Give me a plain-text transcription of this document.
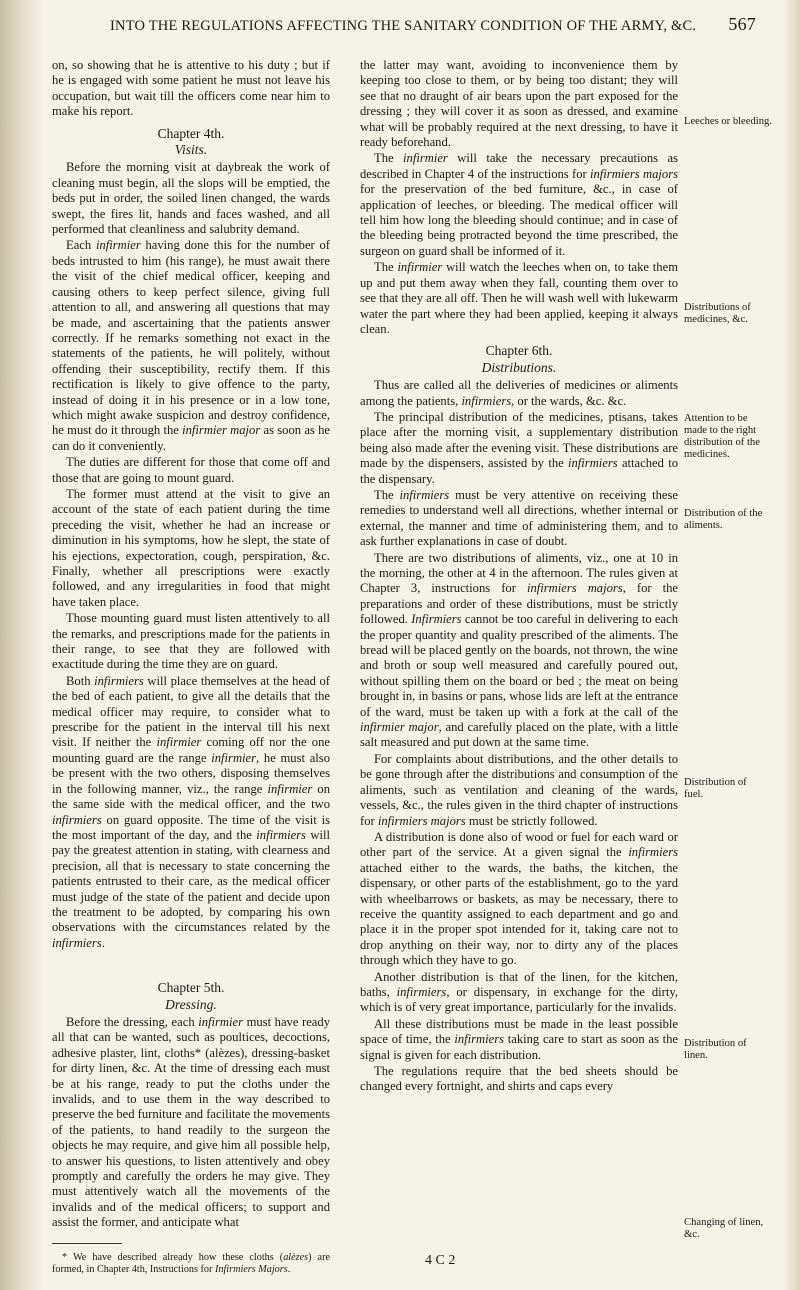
INTO THE REGULATIONS AFFECTING THE SANITARY CONDITION OF THE ARMY, &C. 567

on, so showing that he is attentive to his duty ; but if he is engaged with some patient he must not leave his occupation, but wait till the officers come near him to make his report.

Chapter 4th.
Visits.

Before the morning visit at daybreak the work of cleaning must begin, all the slops will be emptied, the beds put in order, the soiled linen changed, the wards swept, the fires lit, hands and faces washed, and all performed that cleanliness and salubrity demand.

Each infirmier having done this for the number of beds intrusted to him (his range), he must await there the visit of the chief medical officer, keeping and causing others to keep perfect silence, giving full attention to all, and answering all questions that may be made, and ascertaining that the patients answer correctly. If he remarks something not exact in the statements of the patients, he will politely, without offending their susceptibility, rectify them. If this rectification is likely to give offence to the party, instead of doing it in his presence or in a low tone, which might awake suspicion and destroy confidence, he must do it through the infirmier major as soon as he can do it conveniently.

The duties are different for those that come off and those that are going to mount guard.

The former must attend at the visit to give an account of the state of each patient during the time preceding the visit, whether he had an increase or diminution in his symptoms, how he slept, the state of his ejections, expectoration, cough, perspiration, &c. Finally, whether all prescriptions were exactly followed, and any irregularities in food that might have taken place.

Those mounting guard must listen attentively to all the remarks, and prescriptions made for the patients in their range, to see that they are followed with exactitude during the time they are on guard.

Both infirmiers will place themselves at the head of the bed of each patient, to give all the details that the medical officer may require, to consider what to prescribe for the patient in the interval till his next visit. If neither the infirmier coming off nor the one mounting guard are the range infirmier, he must also be present with the two others, disposing themselves in the following manner, viz., the range infirmier on the same side with the medical officer, and the two infirmiers on guard opposite. The time of the visit is the most important of the day, and the infirmiers will pay the greatest attention in stating, with clearness and precision, all that is necessary to state concerning the patients entrusted to their care, as the medical officer must judge of the state of the patient and decide upon the treatment to be adopted, by comparing his own observations with the circumstances related by the infirmiers.

Chapter 5th.
Dressing.

Before the dressing, each infirmier must have ready all that can be wanted, such as poultices, decoctions, adhesive plaster, lint, cloths* (alèzes), dressing-basket for dirty linen, &c. At the time of dressing each must be at his range, ready to put the cloths under the invalids, and to use them in the way described to preserve the bed furniture and facilitate the movements of the patients, to hand readily to the surgeon the objects he may require, and give him all possible help, to answer his questions, to listen attentively and obey promptly and carefully the orders he may give. They must attentively watch all the movements of the invalids and of the medical officers; to support and assist the former, and anticipate what

* We have described already how these cloths (alèzes) are formed, in Chapter 4th, Instructions for Infirmiers Majors.

the latter may want, avoiding to inconvenience them by keeping too close to them, or by being too distant; they will see that no draught of air bears upon the part exposed for the dressing ; they will cover it as soon as dressed, and examine what will be probably required at the next dressing, to have it ready beforehand.

The infirmier will take the necessary precautions as described in Chapter 4 of the instructions for infirmiers majors for the preservation of the bed furniture, &c., in case of application of leeches, or bleeding. The medical officer will tell him how long the bleeding should continue; and in case of the bleeding being protracted beyond the time prescribed, the surgeon on guard shall be informed of it.

The infirmier will watch the leeches when on, to take them up and put them away when they fall, counting them over to see that they are all off. Then he will wash well with lukewarm water the part where they had been applied, keeping it always clean.

Chapter 6th.
Distributions.

Thus are called all the deliveries of medicines or aliments among the patients, infirmiers, or the wards, &c. &c.

The principal distribution of the medicines, ptisans, takes place after the morning visit, a supplementary distribution being also made after the evening visit. These distributions are made by the dispensers, assisted by the infirmiers attached to the dispensary.

The infirmiers must be very attentive on receiving these remedies to understand well all directions, whether internal or external, the manner and time of administering them, and to ask further explanations in case of doubt.

There are two distributions of aliments, viz., one at 10 in the morning, the other at 4 in the afternoon. The rules given at Chapter 3, instructions for infirmiers majors, for the preparations and order of these distributions, must be strictly followed. Infirmiers cannot be too careful in delivering to each the proper quantity and quality prescribed of the aliments. The bread will be placed gently on the boards, not thrown, the wine and broth or soup well measured and carefully poured out, without spilling them on the board or bed ; the meat on being brought in, in basins or pans, whose lids are left at the entrance of the ward, must be taken up with a fork at the call of the infirmier major, and carefully placed on the plate, with a little salt measured and put down at the same time.

For complaints about distributions, and the other details to be gone through after the distributions and consumption of the aliments, such as ventilation and cleaning of the wards, vessels, &c., the rules given in the third chapter of instructions for infirmiers majors must be strictly followed.

A distribution is done also of wood or fuel for each ward or other part of the service. At a given signal the infirmiers attached either to the wards, the baths, the kitchen, the dispensary, or other parts of the establishment, go to the yard with wheelbarrows or baskets, as may be necessary, there to receive the quantity assigned to each department and go and place it in the proper spot intended for it, taking care not to drop anything on their way, nor to dirty any of the places through which they have to go.

Another distribution is that of the linen, for the kitchen, baths, infirmiers, or dispensary, in exchange for the dirty, which is of very great importance, particularly for the invalids.

All these distributions must be made in the least possible space of time, the infirmiers taking care to start as soon as the signal is given for each distribution.

The regulations require that the bed sheets should be changed every fortnight, and shirts and caps every

Leeches or bleeding.
Distributions of medicines, &c.
Attention to be made to the right distribution of the medicines.
Distribution of the aliments.
Distribution of fuel.
Distribution of linen.
Changing of linen, &c.
4 C 2
